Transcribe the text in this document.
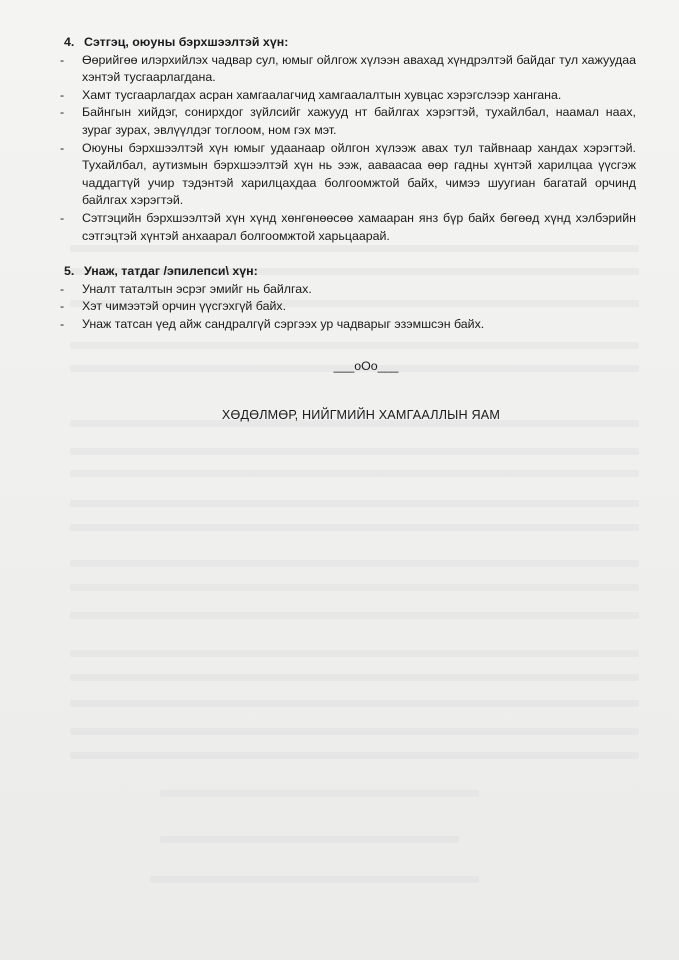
4. Сэтгэц, оюуны бэрхшээлтэй хүн:

-	Өөрийгөө илэрхийлэх чадвар сул, юмыг ойлгож хүлээн авахад хүндрэлтэй байдаг тул хажуудаа хэнтэй тусгаарлагдана.
-	Хамт тусгаарлагдах асран хамгаалагчид хамгаалалтын хувцас хэрэгслээр хангана.
-	Байнгын хийдэг, сонирхдог зүйлсийг хажууд нт байлгах хэрэгтэй, тухайлбал, наамал наах, зураг зурах, эвлүүлдэг тоглоом, ном гэх мэт.
-	Оюуны бэрхшээлтэй хүн юмыг удаанаар ойлгон хүлээж авах тул тайвнаар хандах хэрэгтэй. Тухайлбал, аутизмын бэрхшээлтэй хүн нь ээж, аавааcаа өөр гадны хүнтэй харилцаа үүсгэж чаддагтүй учир тэдэнтэй харилцахдаа болгоомжтой байх, чимээ шуугиан багатай орчинд байлгах хэрэгтэй.
-	Сэтгэцийн бэрхшээлтэй хүн хүнд хөнгөнөөсөө хамааран янз бүр байх бөгөөд хүнд хэлбэрийн сэтгэцтэй хүнтэй анхаарал болгоомжтой харьцаарай.

5. Унаж, татдаг /эпилепси\ хүн:

-	Уналт таталтын эсрэг эмийг нь байлгах.
-	Хэт чимээтэй орчин үүсгэхгүй байх.
-	Унаж татсан үед айж сандралгүй сэргээх ур чадварыг эзэмшсэн байх.
___oOo___
ХӨДӨЛМӨР, НИЙГМИЙН ХАМГААЛЛЫН ЯАМ
